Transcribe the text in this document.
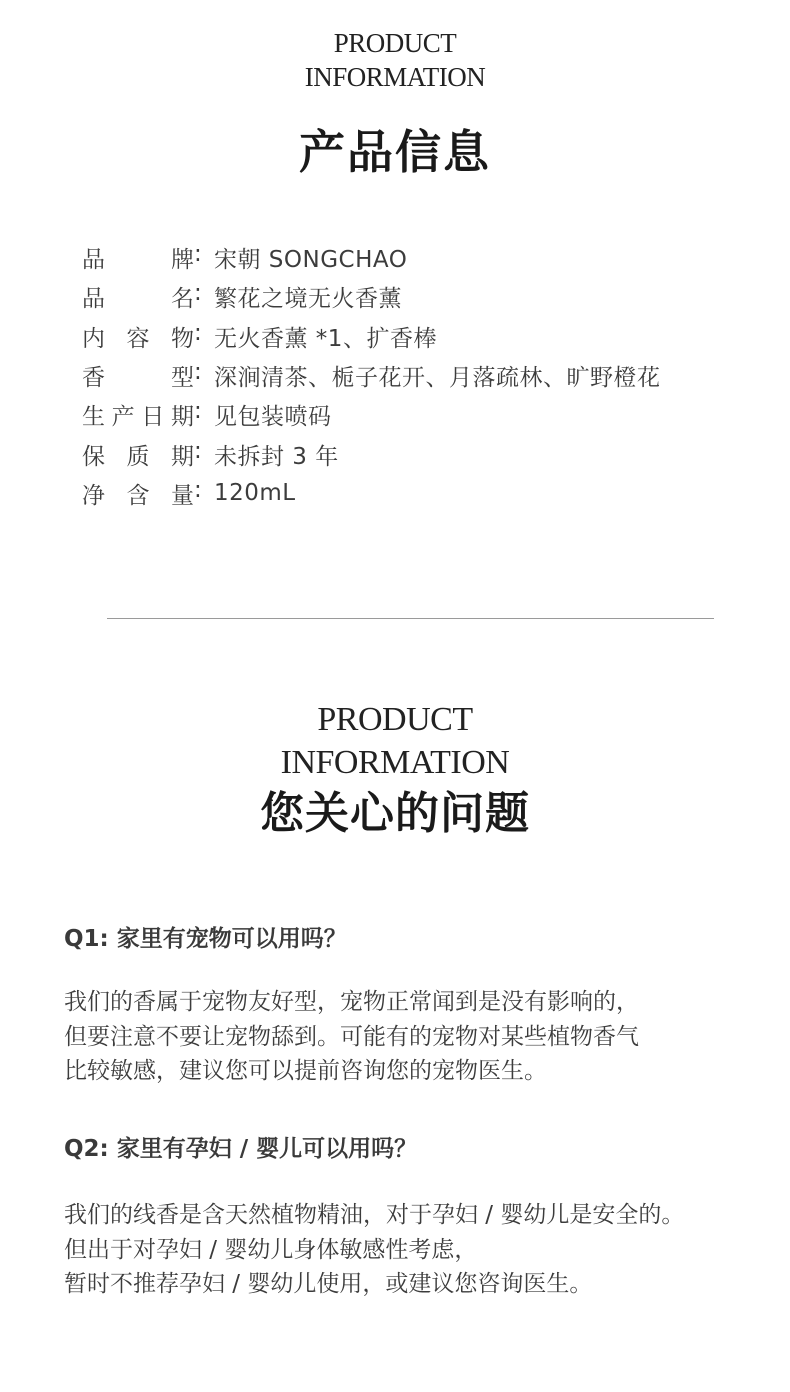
PRODUCT
INFORMATION
产品信息
品 牌 : 宋朝 SONGCHAO
品 名 : 繁花之境无火香薰
内容物 : 无火香薰 *1、扩香棒
香 型 : 深涧清茶、栀子花开、月落疏林、旷野橙花
生产日期 : 见包装喷码
保质期 : 未拆封 3 年
净含量 : 120mL
PRODUCT
INFORMATION
您关心的问题
Q1: 家里有宠物可以用吗？
我们的香属于宠物友好型，宠物正常闻到是没有影响的，
但要注意不要让宠物舔到。可能有的宠物对某些植物香气
比较敏感，建议您可以提前咨询您的宠物医生。
Q2: 家里有孕妇 / 婴儿可以用吗？
我们的线香是含天然植物精油，对于孕妇 / 婴幼儿是安全的。
但出于对孕妇 / 婴幼儿身体敏感性考虑，
暂时不推荐孕妇 / 婴幼儿使用，或建议您咨询医生。
